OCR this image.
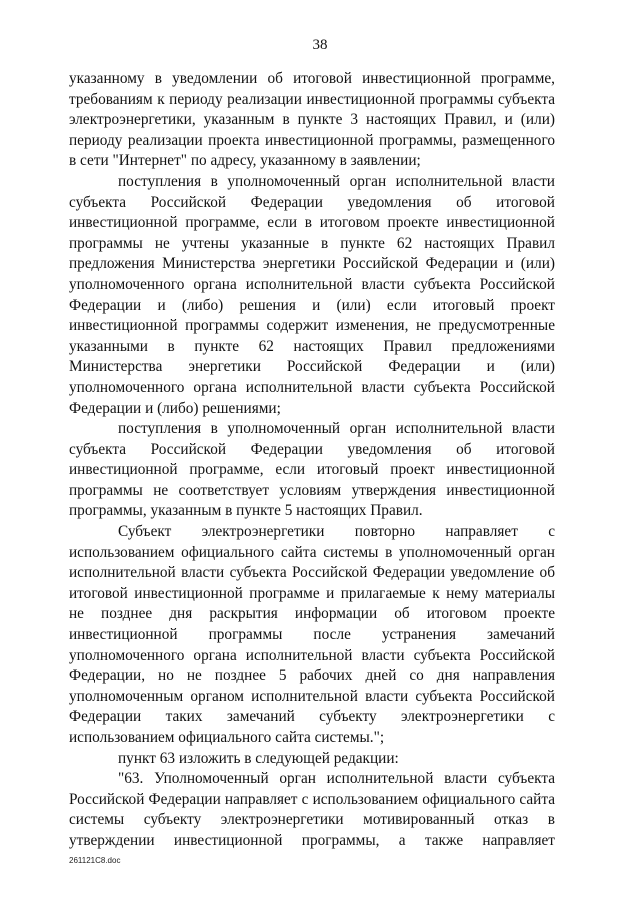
38

указанному в уведомлении об итоговой инвестиционной программе, требованиям к периоду реализации инвестиционной программы субъекта электроэнергетики, указанным в пункте 3 настоящих Правил, и (или) периоду реализации проекта инвестиционной программы, размещенного в сети "Интернет" по адресу, указанному в заявлении;

поступления в уполномоченный орган исполнительной власти субъекта Российской Федерации уведомления об итоговой инвестиционной программе, если в итоговом проекте инвестиционной программы не учтены указанные в пункте 62 настоящих Правил предложения Министерства энергетики Российской Федерации и (или) уполномоченного органа исполнительной власти субъекта Российской Федерации и (либо) решения и (или) если итоговый проект инвестиционной программы содержит изменения, не предусмотренные указанными в пункте 62 настоящих Правил предложениями Министерства энергетики Российской Федерации и (или) уполномоченного органа исполнительной власти субъекта Российской Федерации и (либо) решениями;

поступления в уполномоченный орган исполнительной власти субъекта Российской Федерации уведомления об итоговой инвестиционной программе, если итоговый проект инвестиционной программы не соответствует условиям утверждения инвестиционной программы, указанным в пункте 5 настоящих Правил.

Субъект электроэнергетики повторно направляет с использованием официального сайта системы в уполномоченный орган исполнительной власти субъекта Российской Федерации уведомление об итоговой инвестиционной программе и прилагаемые к нему материалы не позднее дня раскрытия информации об итоговом проекте инвестиционной программы после устранения замечаний уполномоченного органа исполнительной власти субъекта Российской Федерации, но не позднее 5 рабочих дней со дня направления уполномоченным органом исполнительной власти субъекта Российской Федерации таких замечаний субъекту электроэнергетики с использованием официального сайта системы.";

пункт 63 изложить в следующей редакции:

"63. Уполномоченный орган исполнительной власти субъекта Российской Федерации направляет с использованием официального сайта системы субъекту электроэнергетики мотивированный отказ в утверждении инвестиционной программы, а также направляет

261121C8.doc
